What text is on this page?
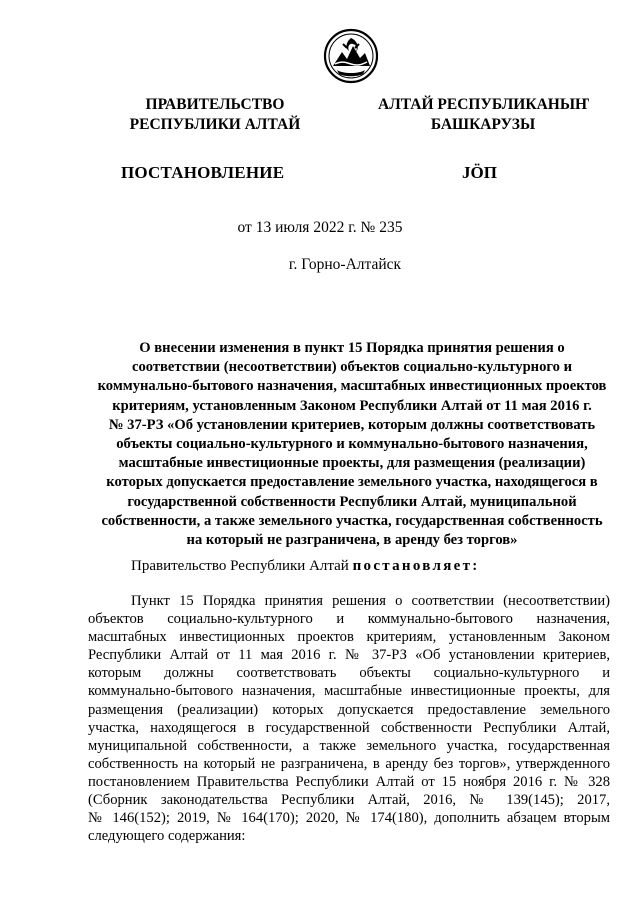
ПРАВИТЕЛЬСТВО
РЕСПУБЛИКИ АЛТАЙ
АЛТАЙ РЕСПУБЛИКАНЫҤ
БАШКАРУЗЫ
ПОСТАНОВЛЕНИЕ	JӦП
от 13 июля 2022 г. № 235
г. Горно-Алтайск
О внесении изменения в пункт 15 Порядка принятия решения о
соответствии (несоответствии) объектов социально-культурного и
коммунально-бытового назначения, масштабных инвестиционных проектов
критериям, установленным Законом Республики Алтай от 11 мая 2016 г.
№ 37-РЗ «Об установлении критериев, которым должны соответствовать
объекты социально-культурного и коммунально-бытового назначения,
масштабные инвестиционные проекты, для размещения (реализации)
которых допускается предоставление земельного участка, находящегося в
государственной собственности Республики Алтай, муниципальной
собственности, а также земельного участка, государственная собственность
на который не разграничена, в аренду без торгов»
Правительство Республики Алтай постановляет:
Пункт 15 Порядка принятия решения о соответствии (несоответствии)
объектов социально-культурного и коммунально-бытового назначения,
масштабных инвестиционных проектов критериям, установленным Законом
Республики Алтай от 11 мая 2016 г. № 37-РЗ «Об установлении критериев,
которым должны соответствовать объекты социально-культурного и
коммунально-бытового назначения, масштабные инвестиционные проекты, для
размещения (реализации) которых допускается предоставление земельного
участка, находящегося в государственной собственности Республики Алтай,
муниципальной собственности, а также земельного участка, государственная
собственность на который не разграничена, в аренду без торгов», утвержденного
постановлением Правительства Республики Алтай от 15 ноября 2016 г. № 328
(Сборник законодательства Республики Алтай, 2016, № 139(145); 2017,
№ 146(152); 2019, № 164(170); 2020, № 174(180), дополнить абзацем вторым
следующего содержания:
